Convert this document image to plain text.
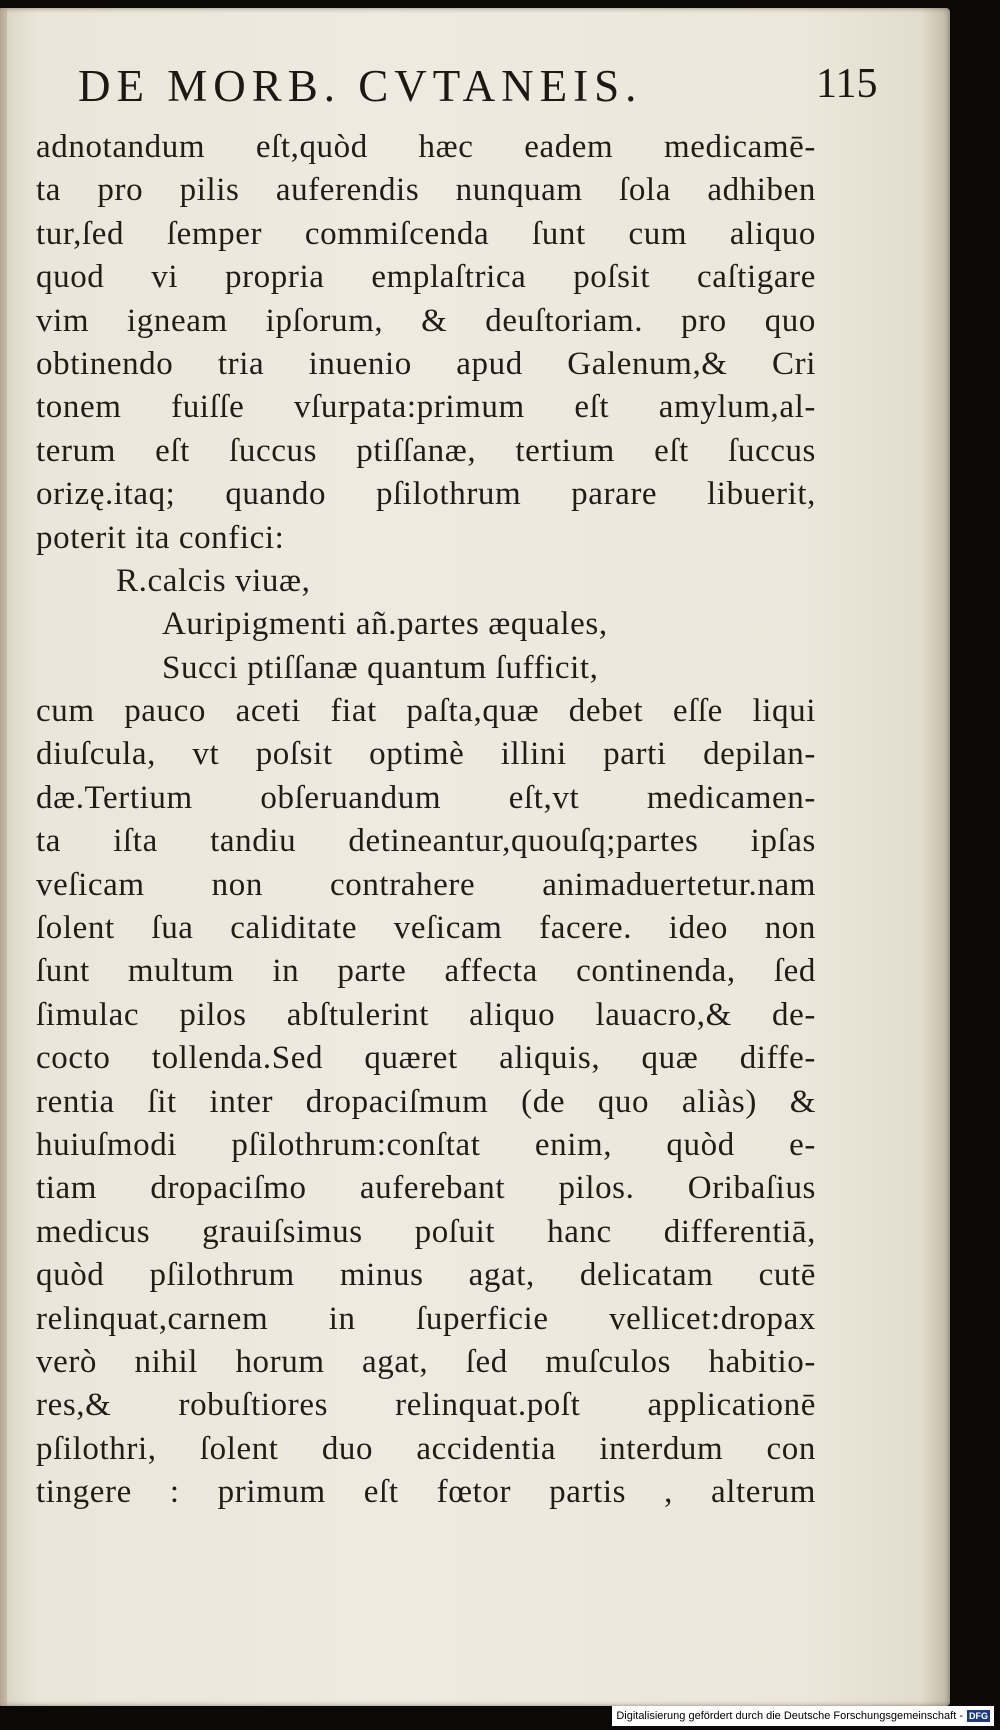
DE MORB. CVTANEIS.	115
adnotandum eſt,quòd hæc eadem medicamē-
ta pro pilis auferendis nunquam ſola adhiben
tur,ſed ſemper commiſcenda ſunt cum aliquo
quod vi propria emplaſtrica poſsit caſtigare
vim igneam ipſorum, & deuſtoriam. pro quo
obtinendo tria inuenio apud Galenum,& Cri
tonem fuiſſe vſurpata:primum eſt amylum,al-
terum eſt ſuccus ptiſſanæ, tertium eſt ſuccus
orizę.itaq; quando pſilothrum parare libuerit,
poterit ita confici:
R.calcis viuæ,
Auripigmenti añ.partes æquales,
Succi ptiſſanæ quantum ſufficit,
cum pauco aceti fiat paſta,quæ debet eſſe liqui
diuſcula, vt poſsit optimè illini parti depilan-
dæ.Tertium obſeruandum eſt,vt medicamen-
ta iſta tandiu detineantur,quouſq;partes ipſas
veſicam non contrahere animaduertetur.nam
ſolent ſua caliditate veſicam facere. ideo non
ſunt multum in parte affecta continenda, ſed
ſimulac pilos abſtulerint aliquo lauacro,& de-
cocto tollenda.Sed quæret aliquis, quæ diffe-
rentia ſit inter dropaciſmum (de quo aliàs) &
huiuſmodi pſilothrum:conſtat enim, quòd e-
tiam dropaciſmo auferebant pilos. Oribaſius
medicus grauiſsimus poſuit hanc differentiā,
quòd pſilothrum minus agat, delicatam cutē
relinquat,carnem in ſuperficie vellicet:dropax
verò nihil horum agat, ſed muſculos habitio-
res,& robuſtiores relinquat.poſt applicationē
pſilothri, ſolent duo accidentia interdum con
tingere : primum eſt fœtor partis , alterum
Digitalisierung gefördert durch die Deutsche Forschungsgemeinschaft - DFG
